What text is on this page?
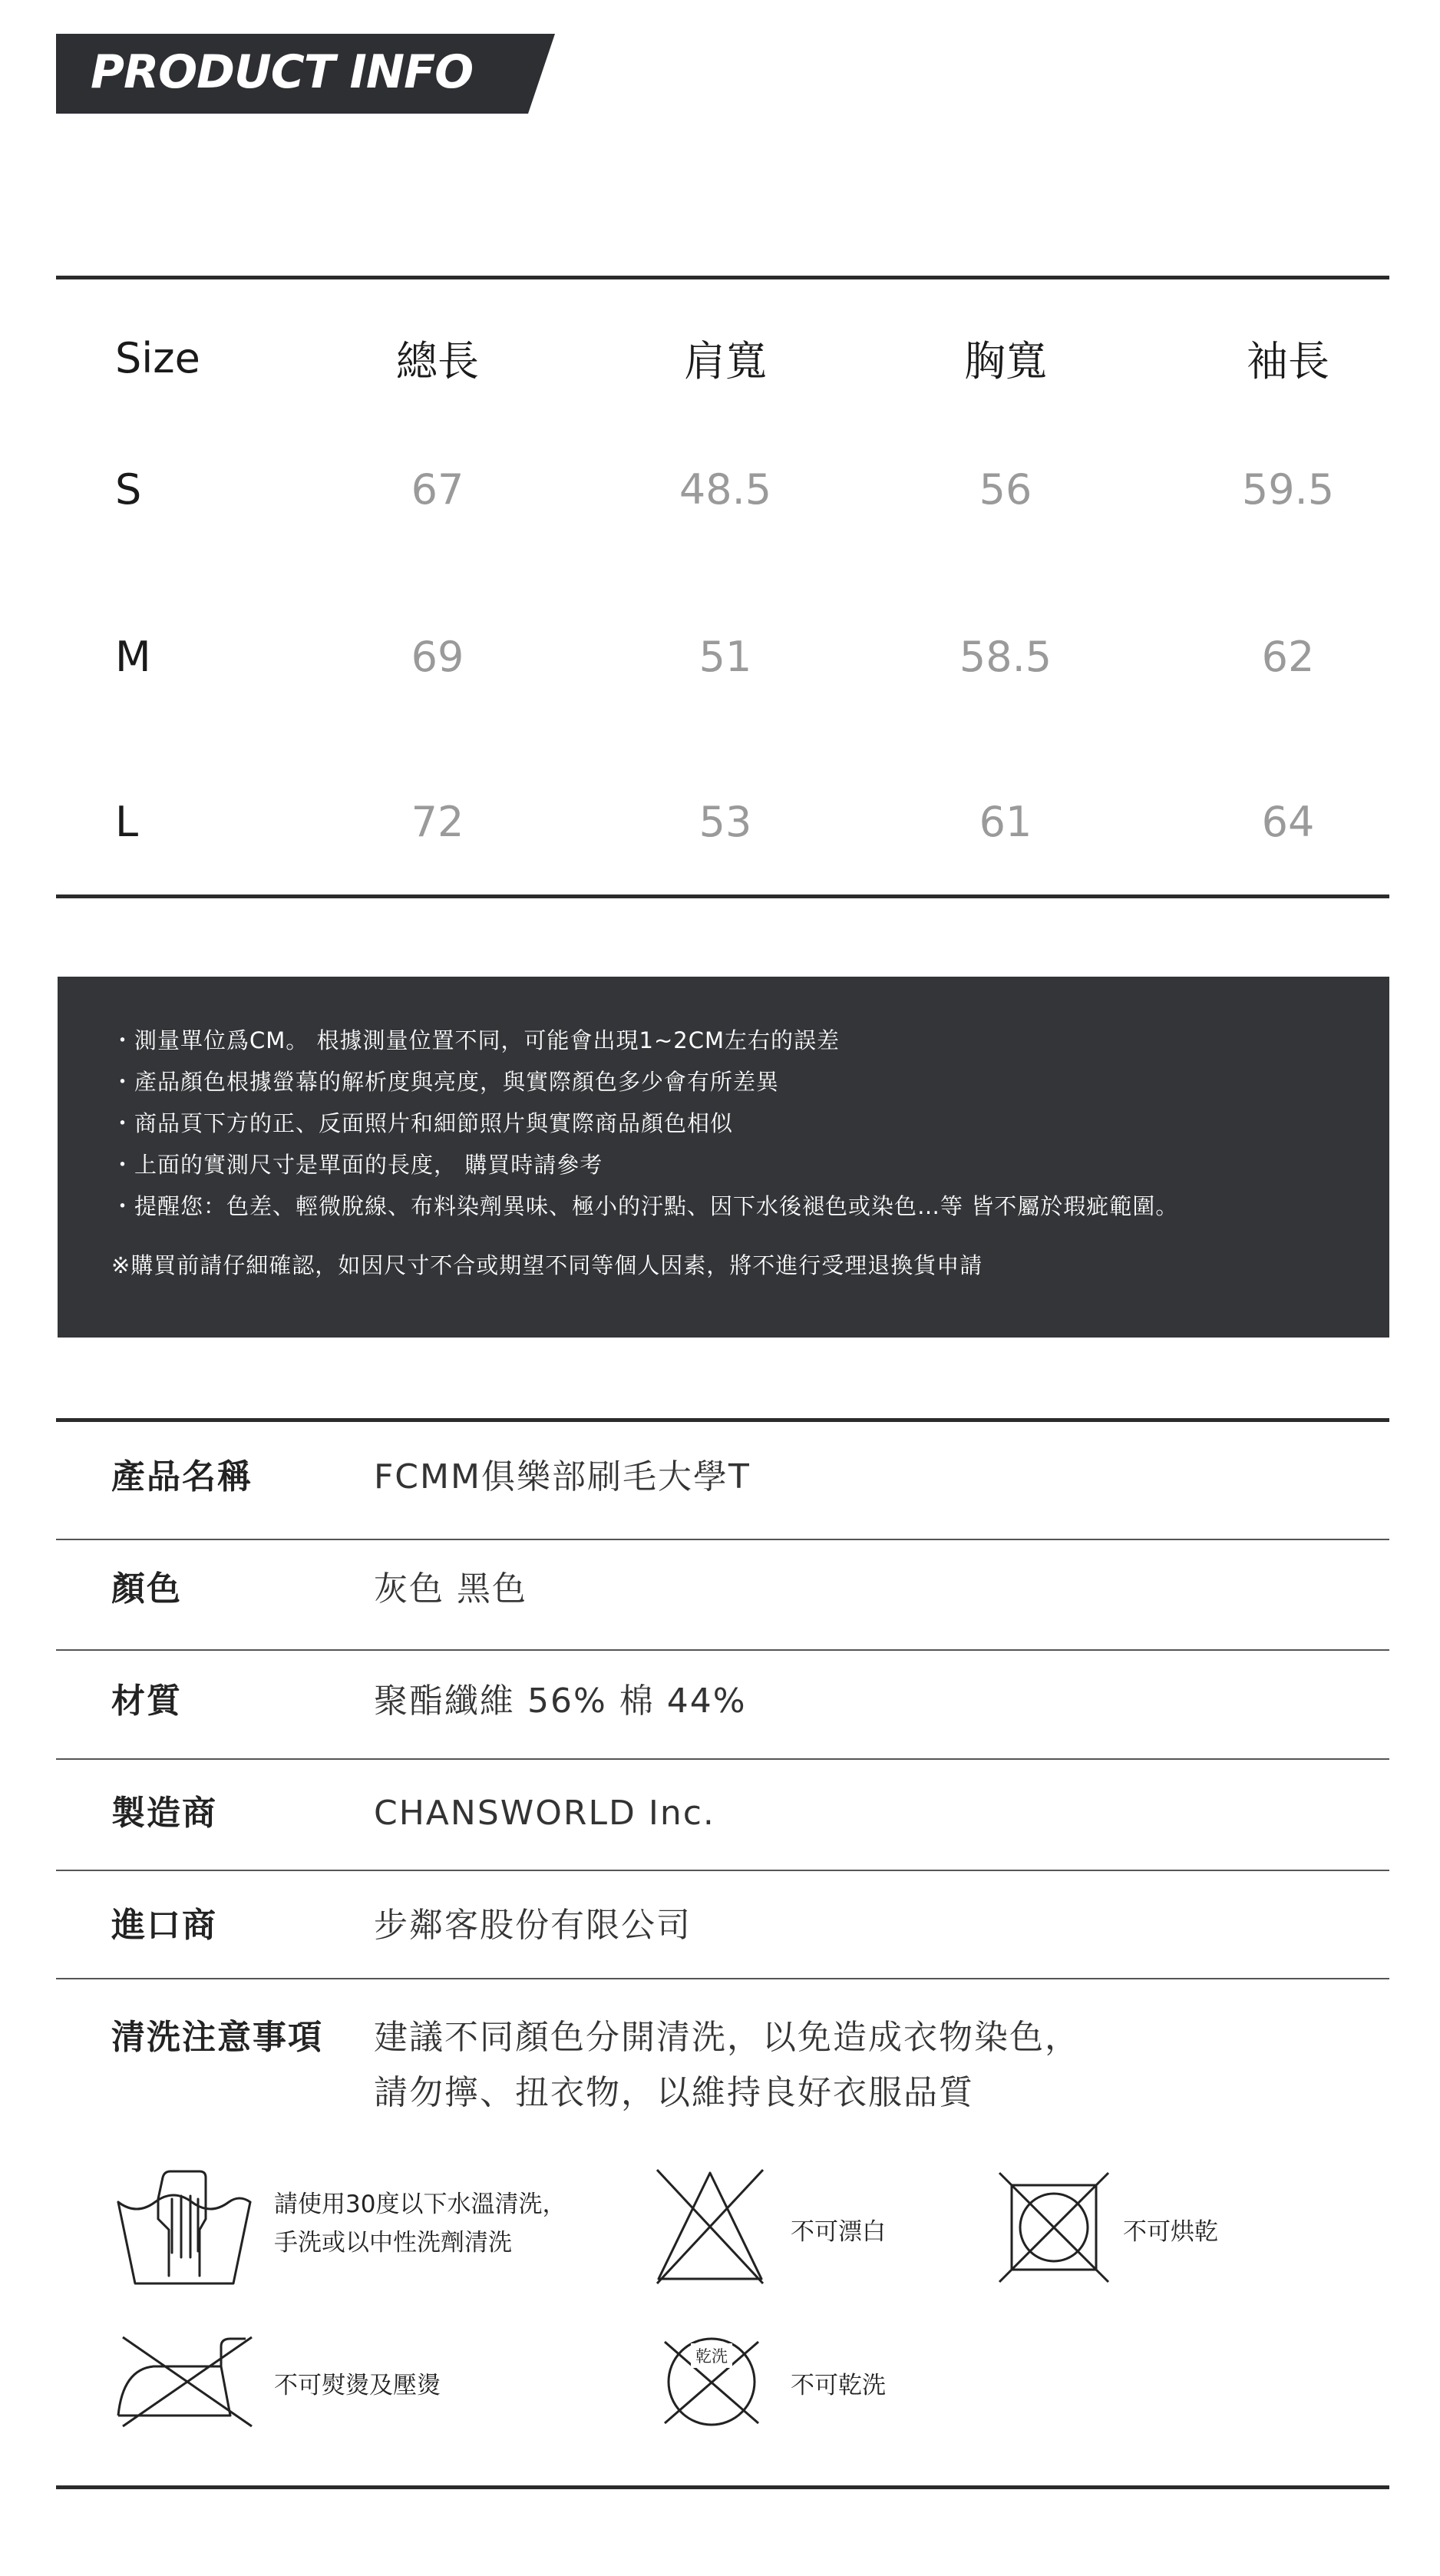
PRODUCT INFO
Size	總長	肩寬	胸寬	袖長
S	67	48.5	56	59.5
M	69	51	58.5	62
L	72	53	61	64
・測量單位爲CM。 根據測量位置不同，可能會出現1~2CM左右的誤差
・產品顏色根據螢幕的解析度與亮度，與實際顏色多少會有所差異
・商品頁下方的正、反面照片和細節照片與實際商品顏色相似
・上面的實測尺寸是單面的長度， 購買時請參考
・提醒您：色差、輕微脫線、布料染劑異味、極小的汙點、因下水後褪色或染色…等 皆不屬於瑕疵範圍。
※購買前請仔細確認，如因尺寸不合或期望不同等個人因素，將不進行受理退換貨申請
產品名稱	FCMM俱樂部刷毛大學T
顏色	灰色 黑色
材質	聚酯纖維 56% 棉 44%
製造商	CHANSWORLD Inc.
進口商	步鄰客股份有限公司
清洗注意事項 建議不同顏色分開清洗，以免造成衣物染色，
請勿擰、扭衣物，以維持良好衣服品質
請使用30度以下水溫清洗，
手洗或以中性洗劑清洗	不可漂白	不可烘乾
不可熨燙及壓燙
乾洗
不可乾洗
